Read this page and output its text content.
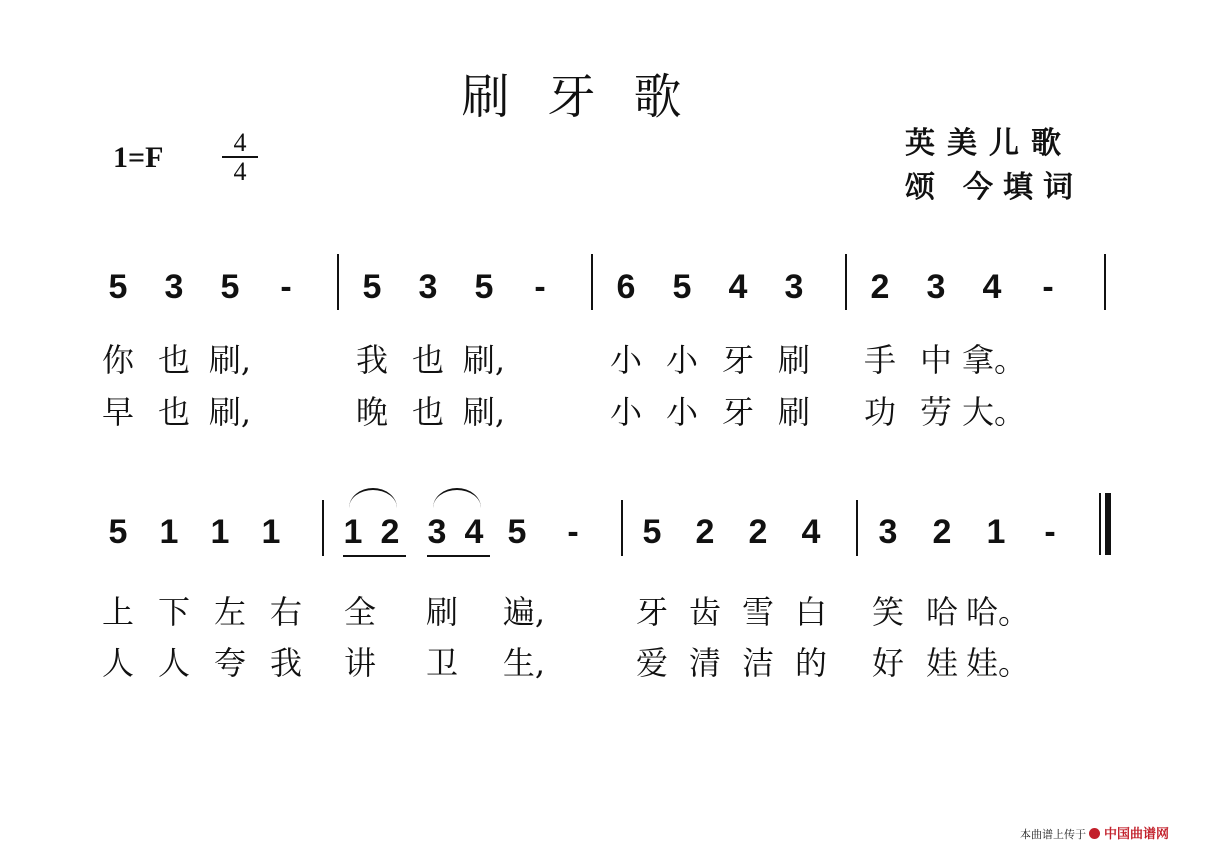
刷牙歌
1=F	4
4
英美儿歌
颂 今填词
5	3	5	-	5	3	5	-	6	5	4	3	2	3	4	-
你 也 刷,	我 也 刷,	小 小 牙 刷	手 中 拿。
早 也 刷,	晚 也 刷,	小 小 牙 刷	功 劳 大。
5 1 1 1	1 2 3 4 5	-	5	2	2	4	3	2	1	-
上 下 左 右	全	刷	遍,	牙 齿 雪 白	笑 哈 哈。
人 人 夸 我	讲	卫	生,	爱 清 洁 的	好 娃 娃。
本曲谱上传于 中国曲谱网
